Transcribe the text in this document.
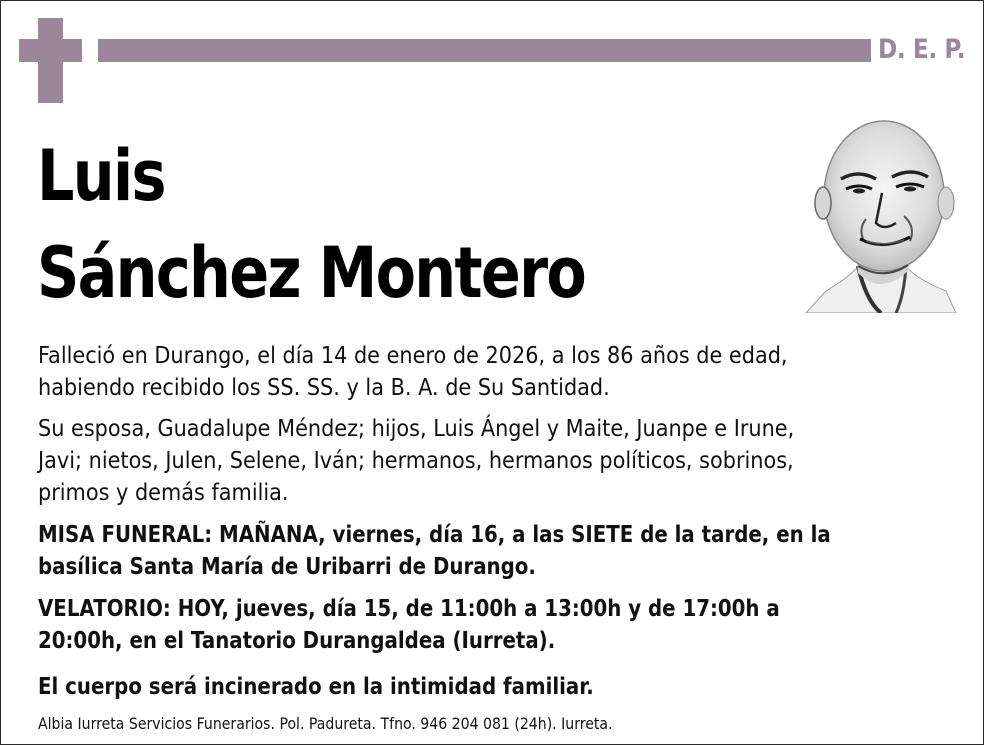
D. E. P.
Luis
Sánchez Montero
Falleció en Durango, el día 14 de enero de 2026, a los 86 años de edad,
habiendo recibido los SS. SS. y la B. A. de Su Santidad.
Su esposa, Guadalupe Méndez; hijos, Luis Ángel y Maite, Juanpe e Irune,
Javi; nietos, Julen, Selene, Iván; hermanos, hermanos políticos, sobrinos,
primos y demás familia.
MISA FUNERAL: MAÑANA, viernes, día 16, a las SIETE de la tarde, en la
basílica Santa María de Uribarri de Durango.
VELATORIO: HOY, jueves, día 15, de 11:00h a 13:00h y de 17:00h a
20:00h, en el Tanatorio Durangaldea (Iurreta).
El cuerpo será incinerado en la intimidad familiar.
Albia Iurreta Servicios Funerarios. Pol. Padureta. Tfno. 946 204 081 (24h). Iurreta.
